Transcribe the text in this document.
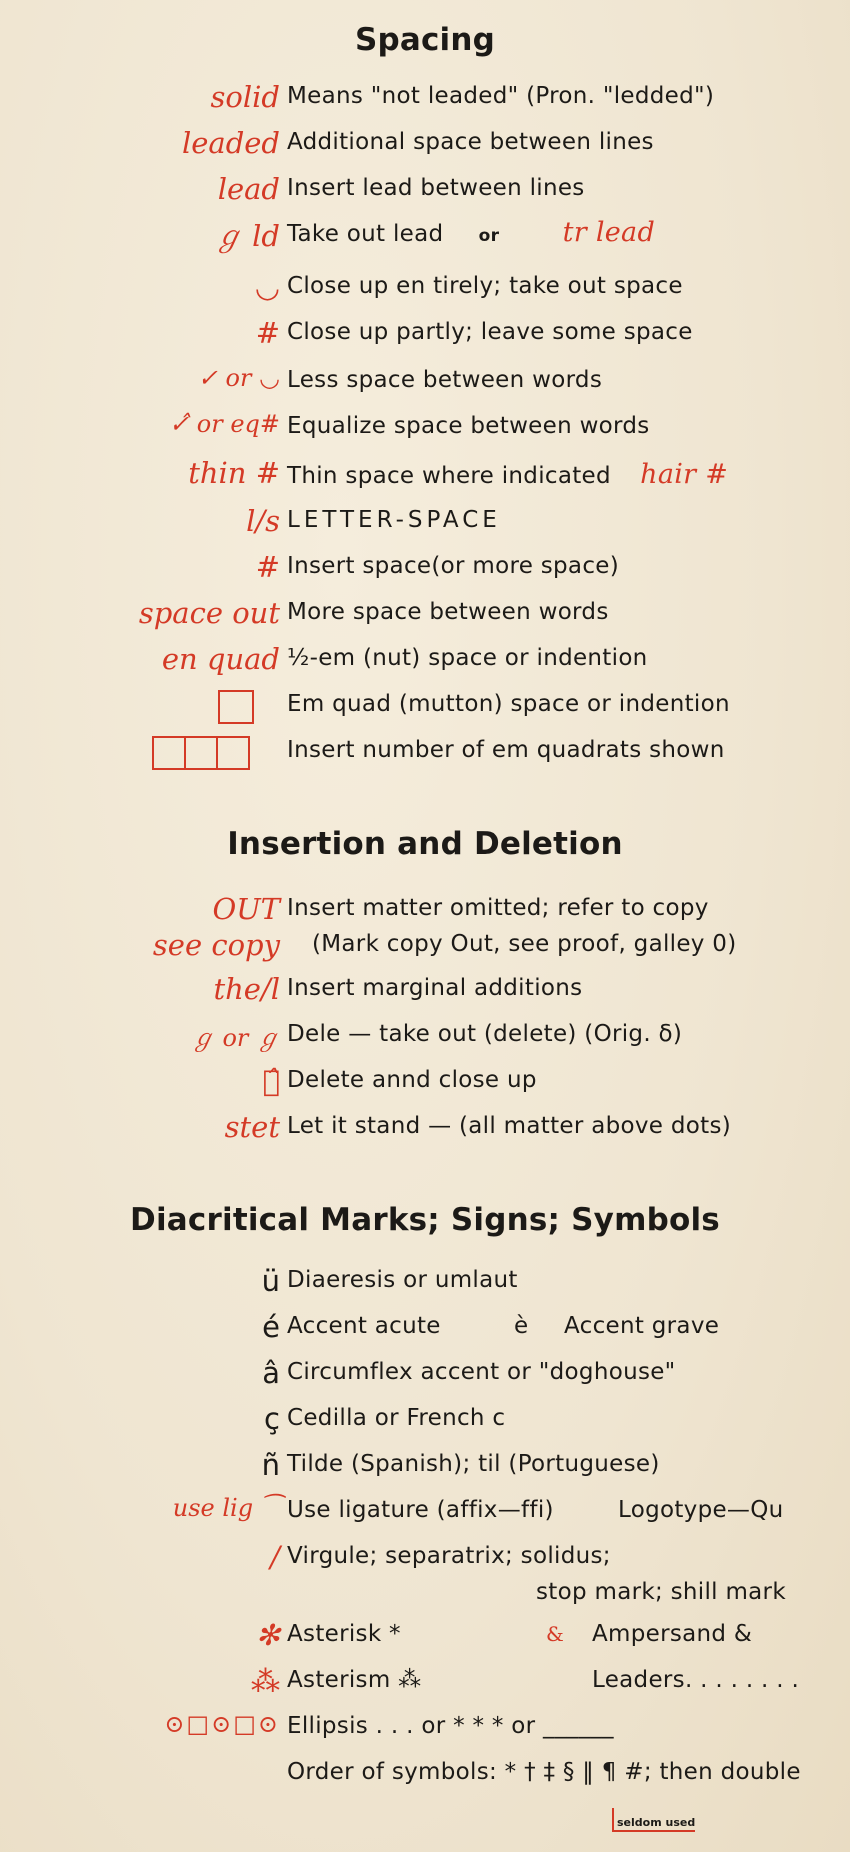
Spacing
solid Means "not leaded" (Pron. "ledded")
leaded Additional space between lines
lead Insert lead between lines
ℊ ld Take out lead or tr lead
◡ Close up en tirely; take out space
# Close up partly; leave some space
✓ or ◡ Less space between words
✓̂ or eq# Equalize space between words
thin # Thin space where indicated hair #
l/s LETTER-SPACE
# Insert space(or more space)
space out More space between words
en quad ½-em (nut) space or indention
Em quad (mutton) space or indention
Insert number of em quadrats shown
Insertion and Deletion
OUT Insert matter omitted; refer to copy
see copy (Mark copy Out, see proof, galley 0)
the/l Insert marginal additions
ℊ or ℊ Dele — take out (delete) (Orig. δ)
ℊ̂ Delete annd close up
stet Let it stand — (all matter above dots)
Diacritical Marks; Signs; Symbols
ü Diaeresis or umlaut
é Accent acute	è Accent grave
â Circumflex accent or "doghouse"
ç Cedilla or French c
ñ Tilde (Spanish); til (Portuguese)
use lig ⁀ Use ligature (affix—ffi)	Logotype—Qu
/ Virgule; separatrix; solidus;
stop mark; shill mark
✻ Asterisk *	& Ampersand &
⁂ Asterism ⁂	Leaders. . . . . . . .
⊙□⊙□⊙ Ellipsis . . . or * * * or ______
Order of symbols: * † ‡ § ‖ ¶ #; then double
seldom used
